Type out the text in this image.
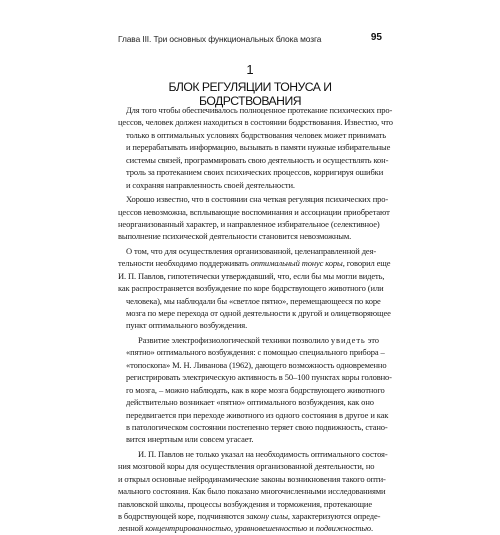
Глава III. Три основных функциональных блока мозга	95
1
БЛОК РЕГУЛЯЦИИ ТОНУСА И БОДРСТВОВАНИЯ
Для того чтобы обеспечивалось полноценное протекание психических про-
цессов, человек должен находиться в состоянии бодрствования. Известно, что
только в оптимальных условиях бодрствования человек может принимать
и перерабатывать информацию, вызывать в памяти нужные избирательные
системы связей, программировать свою деятельность и осуществлять кон-
троль за протеканием своих психических процессов, корригируя ошибки
и сохраняя направленность своей деятельности.
Хорошо известно, что в состоянии сна четкая регуляция психических про-
цессов невозможна, всплывающие воспоминания и ассоциации приобретают
неорганизованный характер, и направленное избирательное (селективное)
выполнение психической деятельности становится невозможным.
О том, что для осуществления организованной, целенаправленной дея-
тельности необходимо поддерживать оптимальный тонус коры, говорил еще
И. П. Павлов, гипотетически утверждавший, что, если бы мы могли видеть,
как распространяется возбуждение по коре бодрствующего животного (или
человека), мы наблюдали бы «светлое пятно», перемещающееся по коре
мозга по мере перехода от одной деятельности к другой и олицетворяющее
пункт оптимального возбуждения.
Развитие электрофизиологической техники позволило увидеть это
«пятно» оптимального возбуждения: с помощью специального прибора –
«топоскопа» М. Н. Ливанова (1962), дающего возможность одновременно
регистрировать электрическую активность в 50–100 пунктах коры головно-
го мозга, – можно наблюдать, как в коре мозга бодрствующего животного
действительно возникает «пятно» оптимального возбуждения, как оно
передвигается при переходе животного из одного состояния в другое и как
в патологическом состоянии постепенно теряет свою подвижность, стано-
вится инертным или совсем угасает.
И. П. Павлов не только указал на необходимость оптимального состоя-
ния мозговой коры для осуществления организованной деятельности, но
и открыл основные нейродинамические законы возникновения такого опти-
мального состояния. Как было показано многочисленными исследованиями
павловской школы, процессы возбуждения и торможения, протекающие
в бодрствующей коре, подчиняются закону силы, характеризуются опреде-
ленной концентрированностью, уравновешенностью и подвижностью.
